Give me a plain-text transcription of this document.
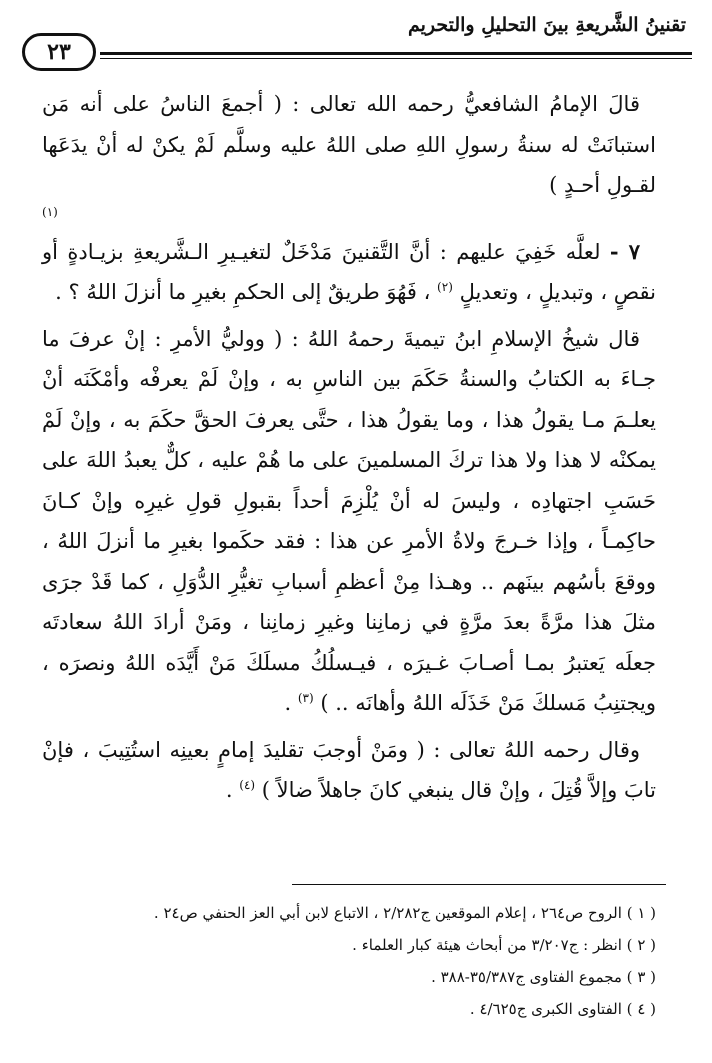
تقنينُ الشَّريعةِ بينَ التحليلِ والتحريم
٢٣

قالَ الإمامُ الشافعيُّ رحمه الله تعالى : ( أجمعَ الناسُ على أنه مَن استبانَتْ له سنةُ رسولِ اللهِ صلى اللهُ عليه وسلَّم لَمْ يكنْ له أنْ يدَعَها لقـولِ أحـدٍ )

(١)

٧ - لعلَّه خَفِيَ عليهم : أنَّ التَّقنينَ مَدْخَلٌ لتغيـيرِ الـشَّريعةِ بزيـادةٍ أو نقصٍ ، وتبديلٍ ، وتعديلٍ $^{(٢)}$ ، فَهُوَ طريقٌ إلى الحكمِ بغيرِ ما أنزلَ اللهُ ؟ .

قال شيخُ الإسلامِ ابنُ تيميةَ رحمهُ اللهُ : ( ووليُّ الأمرِ : إنْ عرفَ ما جـاءَ به الكتابُ والسنةُ حَكَمَ بين الناسِ به ، وإنْ لَمْ يعرفْه وأمْكَنَه أنْ يعلـمَ مـا يقولُ هذا ، وما يقولُ هذا ، حتَّى يعرفَ الحقَّ حكَمَ به ، وإنْ لَمْ يمكنْه لا هذا ولا هذا تركَ المسلمينَ على ما هُمْ عليه ، كلٌّ يعبدُ اللهَ على حَسَبِ اجتهادِه ، وليسَ له أنْ يُلْزِمَ أحداً بقبولِ قولِ غيرِه وإنْ كـانَ حاكِمـاً ، وإذا خـرجَ ولاةُ الأمرِ عن هذا : فقد حكَموا بغيرِ ما أنزلَ اللهُ ، ووقعَ بأسُهم بينَهم .. وهـذا مِنْ أعظمِ أسبابِ تغيُّرِ الدُّوَلِ ، كما قَدْ جرَى مثلَ هذا مرَّةً بعدَ مرَّةٍ في زمانِنا وغيرِ زمانِنا ، ومَنْ أرادَ اللهُ سعادتَه جعلَه يَعتبرُ بمـا أصـابَ غـيرَه ، فيـسلُكُ مسلَكَ مَنْ أَيَّدَه اللهُ ونصرَه ، ويجتنِبُ مَسلكَ مَنْ خَذَلَه اللهُ وأهانَه .. ) $^{(٣)}$ .

وقال رحمه اللهُ تعالى : ( ومَنْ أوجبَ تقليدَ إمامٍ بعينِه استُتِيبَ ، فإنْ تابَ وإلاَّ قُتِلَ ، وإنْ قال ينبغي كانَ جاهلاً ضالاً ) $^{(٤)}$ .

( ١ ) الروح ص٢٦٤ ، إعلام الموقعين ج٢/٢٨٢ ، الاتباع لابن أبي العز الحنفي ص٢٤ .
( ٢ ) انظر : ج٣/٢٠٧ من أبحاث هيئة كبار العلماء .
( ٣ ) مجموع الفتاوى ج٣٥/٣٨٧-٣٨٨ .
( ٤ ) الفتاوى الكبرى ج٤/٦٢٥ .
